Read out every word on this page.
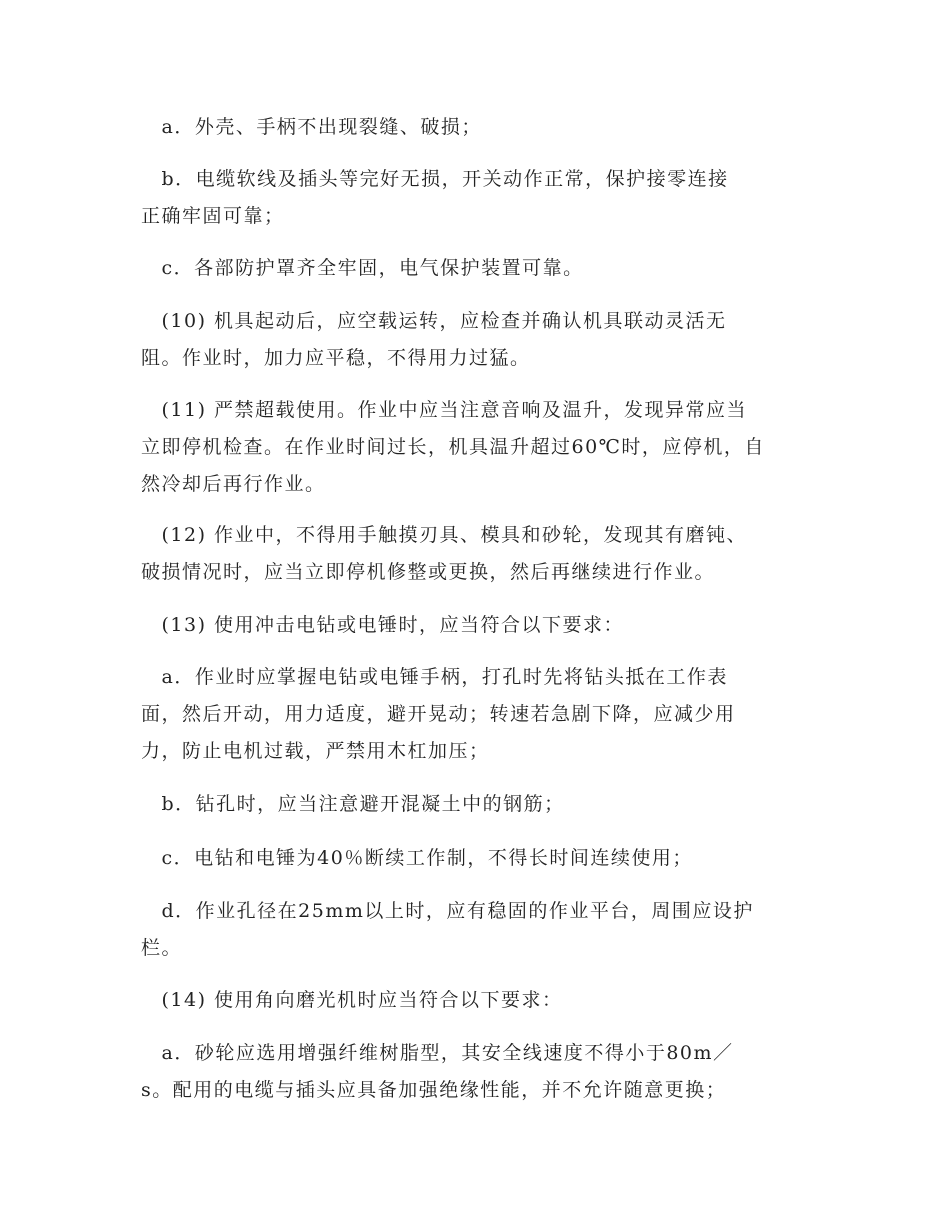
　a．外壳、手柄不出现裂缝、破损；

　b．电缆软线及插头等完好无损，开关动作正常，保护接零连接
正确牢固可靠；

　c．各部防护罩齐全牢固，电气保护装置可靠。

　(10) 机具起动后，应空载运转，应检查并确认机具联动灵活无
阻。作业时，加力应平稳，不得用力过猛。

　(11) 严禁超载使用。作业中应当注意音响及温升，发现异常应当
立即停机检查。在作业时间过长，机具温升超过60℃时，应停机，自
然冷却后再行作业。

　(12) 作业中，不得用手触摸刃具、模具和砂轮，发现其有磨钝、
破损情况时，应当立即停机修整或更换，然后再继续进行作业。

　(13) 使用冲击电钻或电锤时，应当符合以下要求：

　a．作业时应掌握电钻或电锤手柄，打孔时先将钻头抵在工作表
面，然后开动，用力适度，避开晃动；转速若急剧下降，应减少用
力，防止电机过载，严禁用木杠加压；

　b．钻孔时，应当注意避开混凝土中的钢筋；

　c．电钻和电锤为40％断续工作制，不得长时间连续使用；

　d．作业孔径在25mm以上时，应有稳固的作业平台，周围应设护
栏。

　(14) 使用角向磨光机时应当符合以下要求：

　a．砂轮应选用增强纤维树脂型，其安全线速度不得小于80m／
s。配用的电缆与插头应具备加强绝缘性能，并不允许随意更换；
